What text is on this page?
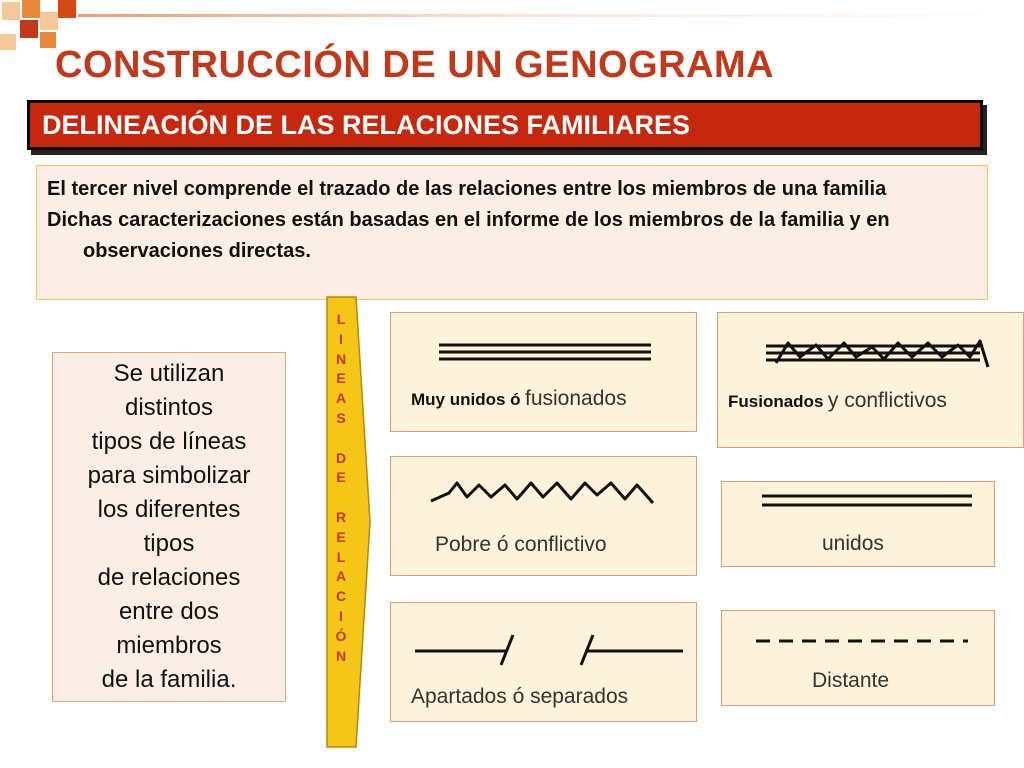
CONSTRUCCIÓN DE UN GENOGRAMA
DELINEACIÓN DE LAS RELACIONES FAMILIARES

El tercer nivel comprende el trazado de las relaciones entre los miembros de una familia

Dichas caracterizaciones están basadas en el informe de los miembros de la familia y en observaciones directas.

Se utilizan
distintos
tipos de líneas
para simbolizar
los diferentes
tipos
de relaciones
entre dos
miembros
de la familia.
L
I
N
E
A
S
D
E
R
E
L
A
C
I
Ó
N
Muy unidos ó fusionados	Fusionados y conflictivos
Pobre ó conflictivo	unidos
Apartados ó separados
Distante
